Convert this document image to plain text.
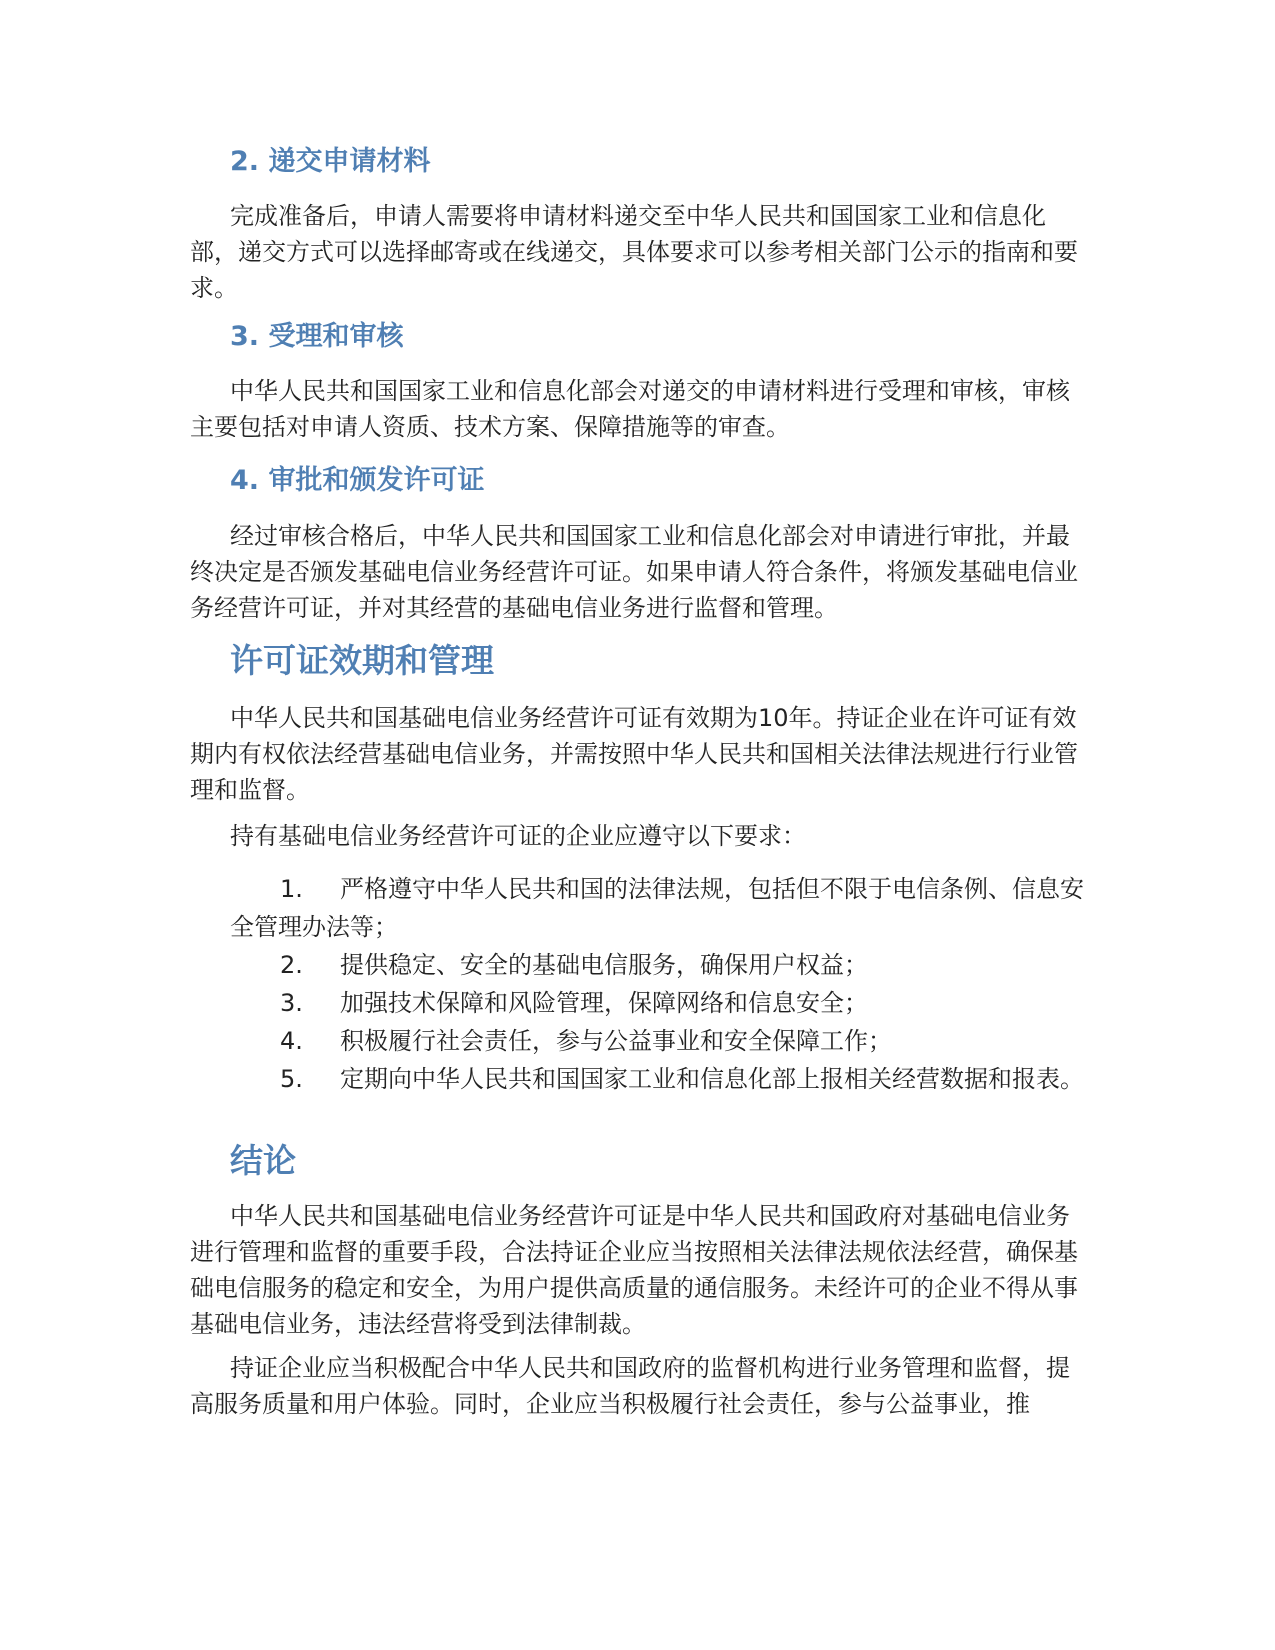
2. 递交申请材料

完成准备后，申请人需要将申请材料递交至中华人民共和国国家工业和信息化部，递交方式可以选择邮寄或在线递交，具体要求可以参考相关部门公示的指南和要求。

3. 受理和审核

中华人民共和国国家工业和信息化部会对递交的申请材料进行受理和审核，审核主要包括对申请人资质、技术方案、保障措施等的审查。

4. 审批和颁发许可证

经过审核合格后，中华人民共和国国家工业和信息化部会对申请进行审批，并最终决定是否颁发基础电信业务经营许可证。如果申请人符合条件，将颁发基础电信业务经营许可证，并对其经营的基础电信业务进行监督和管理。

许可证效期和管理

中华人民共和国基础电信业务经营许可证有效期为10年。持证企业在许可证有效期内有权依法经营基础电信业务，并需按照中华人民共和国相关法律法规进行行业管理和监督。

持有基础电信业务经营许可证的企业应遵守以下要求：

1. 严格遵守中华人民共和国的法律法规，包括但不限于电信条例、信息安全管理办法等；
2. 提供稳定、安全的基础电信服务，确保用户权益；
3. 加强技术保障和风险管理，保障网络和信息安全；
4. 积极履行社会责任，参与公益事业和安全保障工作；
5. 定期向中华人民共和国国家工业和信息化部上报相关经营数据和报表。
结论

中华人民共和国基础电信业务经营许可证是中华人民共和国政府对基础电信业务进行管理和监督的重要手段，合法持证企业应当按照相关法律法规依法经营，确保基础电信服务的稳定和安全，为用户提供高质量的通信服务。未经许可的企业不得从事基础电信业务，违法经营将受到法律制裁。

持证企业应当积极配合中华人民共和国政府的监督机构进行业务管理和监督，提高服务质量和用户体验。同时，企业应当积极履行社会责任，参与公益事业，推
